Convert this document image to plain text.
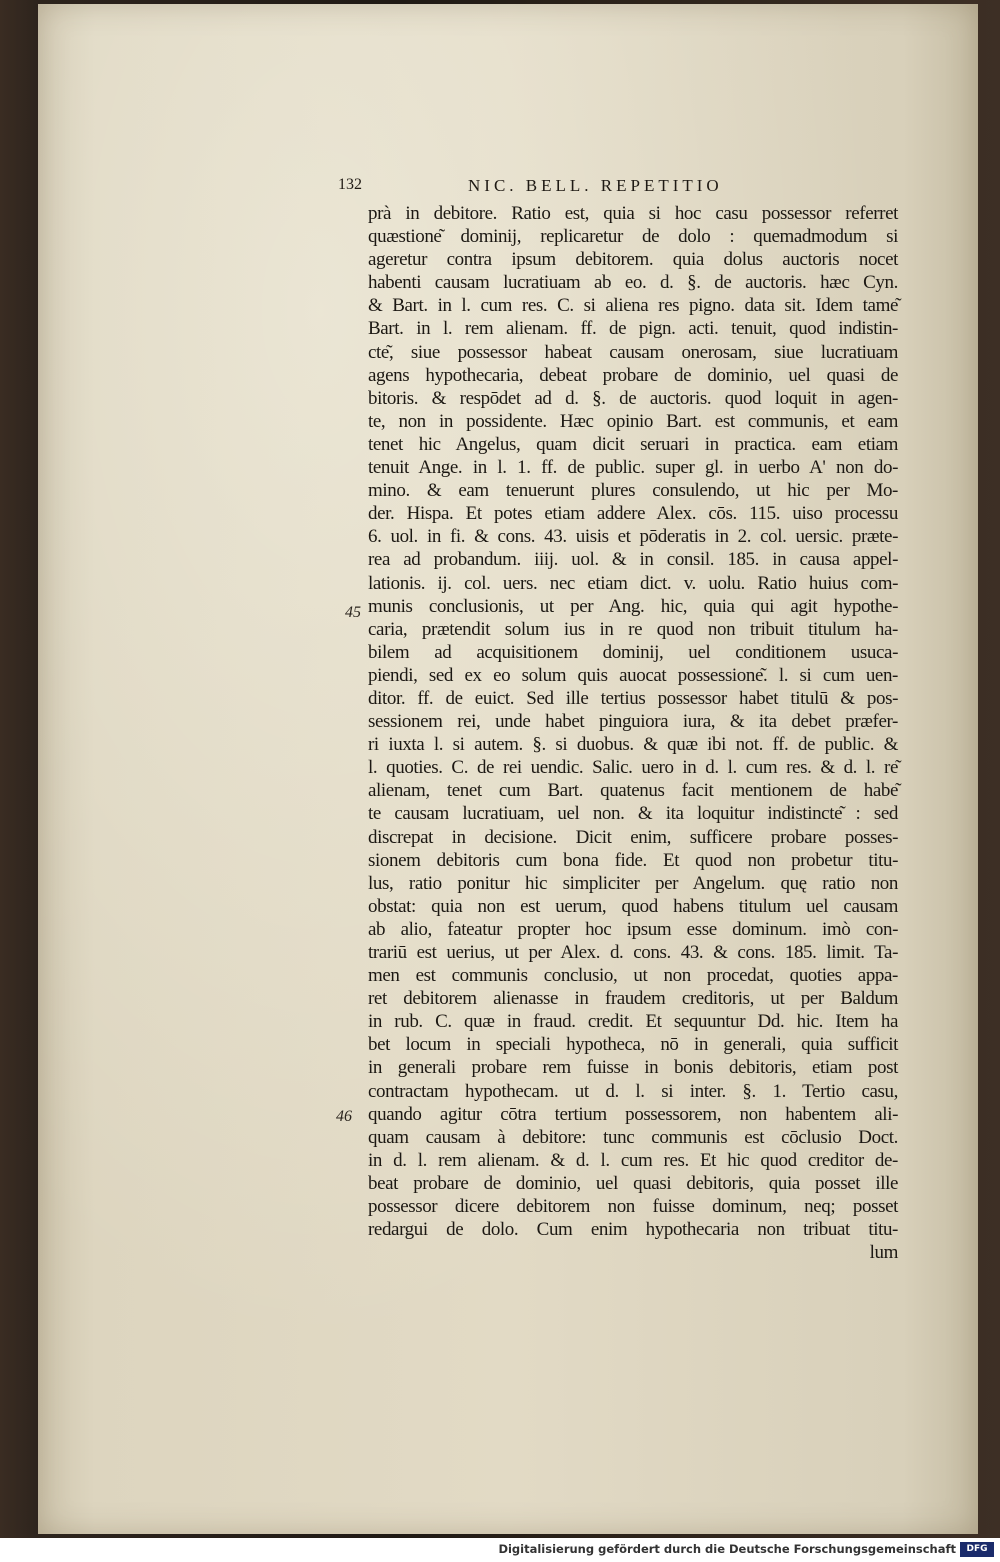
132	NIC. BELL. REPETITIO
45
46
prà in debitore. Ratio est, quia si hoc casu possessor referret
quæstione͂ dominij, replicaretur de dolo : quemadmodum si
ageretur contra ipsum debitorem. quia dolus auctoris nocet
habenti causam lucratiuam ab eo. d. §. de auctoris. hæc Cyn.
& Bart. in l. cum res. C. si aliena res pigno. data sit. Idem tame͂
Bart. in l. rem alienam. ff. de pign. acti. tenuit, quod indistin-
cte͂, siue possessor habeat causam onerosam, siue lucratiuam
agens hypothecaria, debeat probare de dominio, uel quasi de
bitoris. & respōdet ad d. §. de auctoris. quod loquit in agen-
te, non in possidente. Hæc opinio Bart. est communis, et eam
tenet hic Angelus, quam dicit seruari in practica. eam etiam
tenuit Ange. in l. 1. ff. de public. super gl. in uerbo A' non do-
mino. & eam tenuerunt plures consulendo, ut hic per Mo-
der. Hispa. Et potes etiam addere Alex. cōs. 115. uiso processu
6. uol. in fi. & cons. 43. uisis et pōderatis in 2. col. uersic. præte-
rea ad probandum. iiij. uol. & in consil. 185. in causa appel-
lationis. ij. col. uers. nec etiam dict. v. uolu. Ratio huius com-
munis conclusionis, ut per Ang. hic, quia qui agit hypothe-
caria, prætendit solum ius in re quod non tribuit titulum ha-
bilem ad acquisitionem dominij, uel conditionem usuca-
piendi, sed ex eo solum quis auocat possessione͂. l. si cum uen-
ditor. ff. de euict. Sed ille tertius possessor habet titulū & pos-
sessionem rei, unde habet pinguiora iura, & ita debet præfer-
ri iuxta l. si autem. §. si duobus. & quæ ibi not. ff. de public. &
l. quoties. C. de rei uendic. Salic. uero in d. l. cum res. & d. l. re͂
alienam, tenet cum Bart. quatenus facit mentionem de habe͂
te causam lucratiuam, uel non. & ita loquitur indistincte͂ : sed
discrepat in decisione. Dicit enim, sufficere probare posses-
sionem debitoris cum bona fide. Et quod non probetur titu-
lus, ratio ponitur hic simpliciter per Angelum. quę ratio non
obstat: quia non est uerum, quod habens titulum uel causam
ab alio, fateatur propter hoc ipsum esse dominum. imò con-
trariū est uerius, ut per Alex. d. cons. 43. & cons. 185. limit. Ta-
men est communis conclusio, ut non procedat, quoties appa-
ret debitorem alienasse in fraudem creditoris, ut per Baldum
in rub. C. quæ in fraud. credit. Et sequuntur Dd. hic. Item ha
bet locum in speciali hypotheca, nō in generali, quia sufficit
in generali probare rem fuisse in bonis debitoris, etiam post
contractam hypothecam. ut d. l. si inter. §. 1. Tertio casu,
quando agitur cōtra tertium possessorem, non habentem ali-
quam causam à debitore: tunc communis est cōclusio Doct.
in d. l. rem alienam. & d. l. cum res. Et hic quod creditor de-
beat probare de dominio, uel quasi debitoris, quia posset ille
possessor dicere debitorem non fuisse dominum, neq; posset
redargui de dolo. Cum enim hypothecaria non tribuat titu-
lum
Digitalisierung gefördert durch die Deutsche Forschungsgemeinschaft	DFG
